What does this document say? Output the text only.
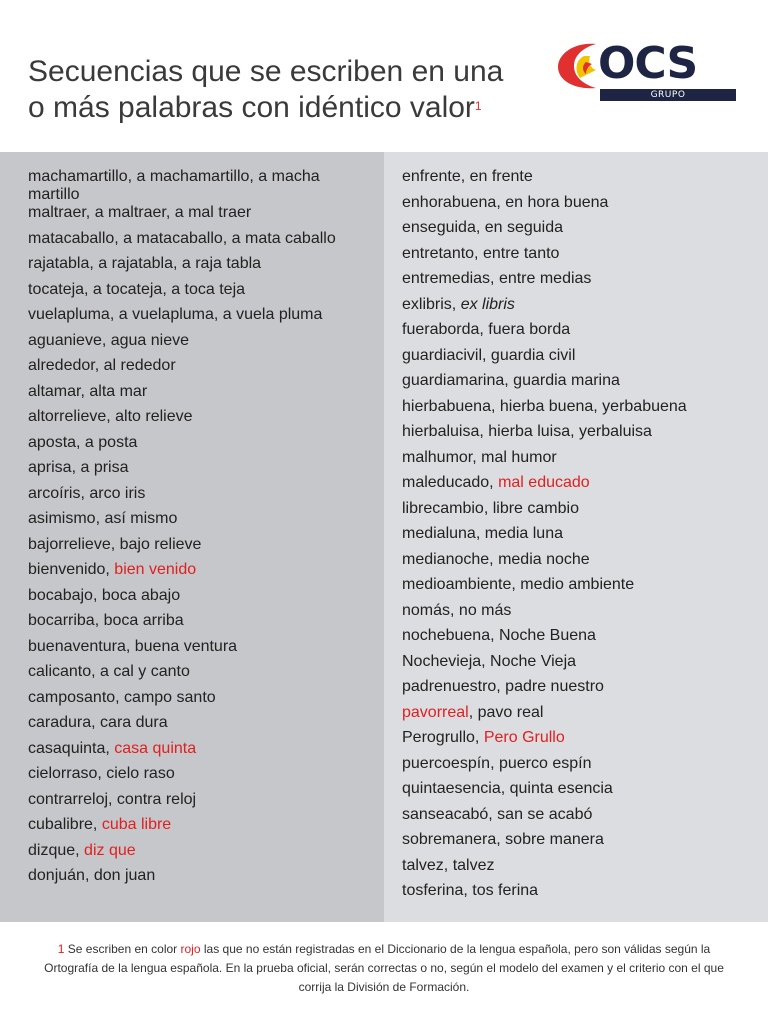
Secuencias que se escriben en una
o más palabras con idéntico valor$^1$
OCS
GRUPO
machamartillo, a machamartillo, a macha martillo
maltraer, a maltraer, a mal traer
matacaballo, a matacaballo, a mata caballo
rajatabla, a rajatabla, a raja tabla
tocateja, a tocateja, a toca teja
vuelapluma, a vuelapluma, a vuela pluma
aguanieve, agua nieve
alrededor, al rededor
altamar, alta mar
altorrelieve, alto relieve
aposta, a posta
aprisa, a prisa
arcoíris, arco iris
asimismo, así mismo
bajorrelieve, bajo relieve
bienvenido, bien venido
bocabajo, boca abajo
bocarriba, boca arriba
buenaventura, buena ventura
calicanto, a cal y canto
camposanto, campo santo
caradura, cara dura
casaquinta, casa quinta
cielorraso, cielo raso
contrarreloj, contra reloj
cubalibre, cuba libre
dizque, diz que
donjuán, don juan
enfrente, en frente
enhorabuena, en hora buena
enseguida, en seguida
entretanto, entre tanto
entremedias, entre medias
exlibris, ex libris
fueraborda, fuera borda
guardiacivil, guardia civil
guardiamarina, guardia marina
hierbabuena, hierba buena, yerbabuena
hierbaluisa, hierba luisa, yerbaluisa
malhumor, mal humor
maleducado, mal educado
librecambio, libre cambio
medialuna, media luna
medianoche, media noche
medioambiente, medio ambiente
nomás, no más
nochebuena, Noche Buena
Nochevieja, Noche Vieja
padrenuestro, padre nuestro
pavorreal, pavo real
Perogrullo, Pero Grullo
puercoespín, puerco espín
quintaesencia, quinta esencia
sanseacabó, san se acabó
sobremanera, sobre manera
talvez, talvez
tosferina, tos ferina
1 Se escriben en color rojo las que no están registradas en el Diccionario de la lengua española, pero son válidas según la Ortografía de la lengua española. En la prueba oficial, serán correctas o no, según el modelo del examen y el criterio con el que corrija la División de Formación.
